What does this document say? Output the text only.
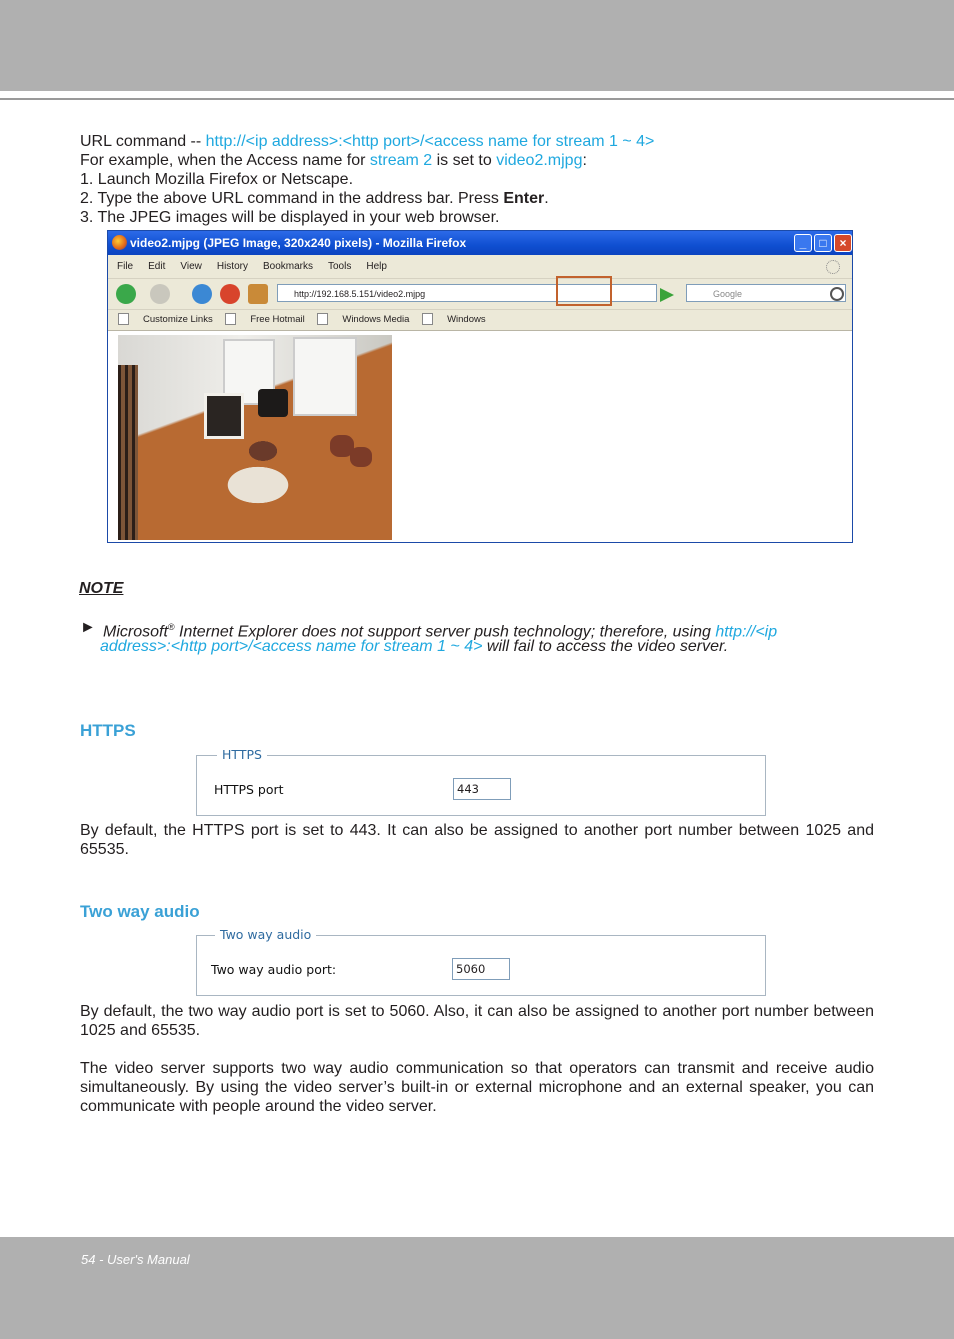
URL command -- http://<ip address>:<http port>/<access name for stream 1 ~ 4>
For example, when the Access name for stream 2 is set to video2.mjpg:
1. Launch Mozilla Firefox or Netscape.
2. Type the above URL command in the address bar. Press Enter.
3. The JPEG images will be displayed in your web browser.
video2.mjpg (JPEG Image, 320x240 pixels) - Mozilla Firefox	_	□	×
File Edit View History Bookmarks Tools Help
http://192.168.5.151/video2.mjpg	Google
Customize Links	Free Hotmail	Windows Media	Windows
NOTE
► Microsoft® Internet Explorer does not support server push technology; therefore, using http://<ip
address>:<http port>/<access name for stream 1 ~ 4> will fail to access the video server.
HTTPS
HTTPS
HTTPS port	443
By default, the HTTPS port is set to 443. It can also be assigned to another port number between 1025 and 65535.
Two way audio
Two way audio
Two way audio port:	5060
By default, the two way audio port is set to 5060. Also, it can also be assigned to another port number between 1025 and 65535.
The video server supports two way audio communication so that operators can transmit and receive audio simultaneously. By using the video server’s built-in or external microphone and an external speaker, you can communicate with people around the video server.
54 - User's Manual
